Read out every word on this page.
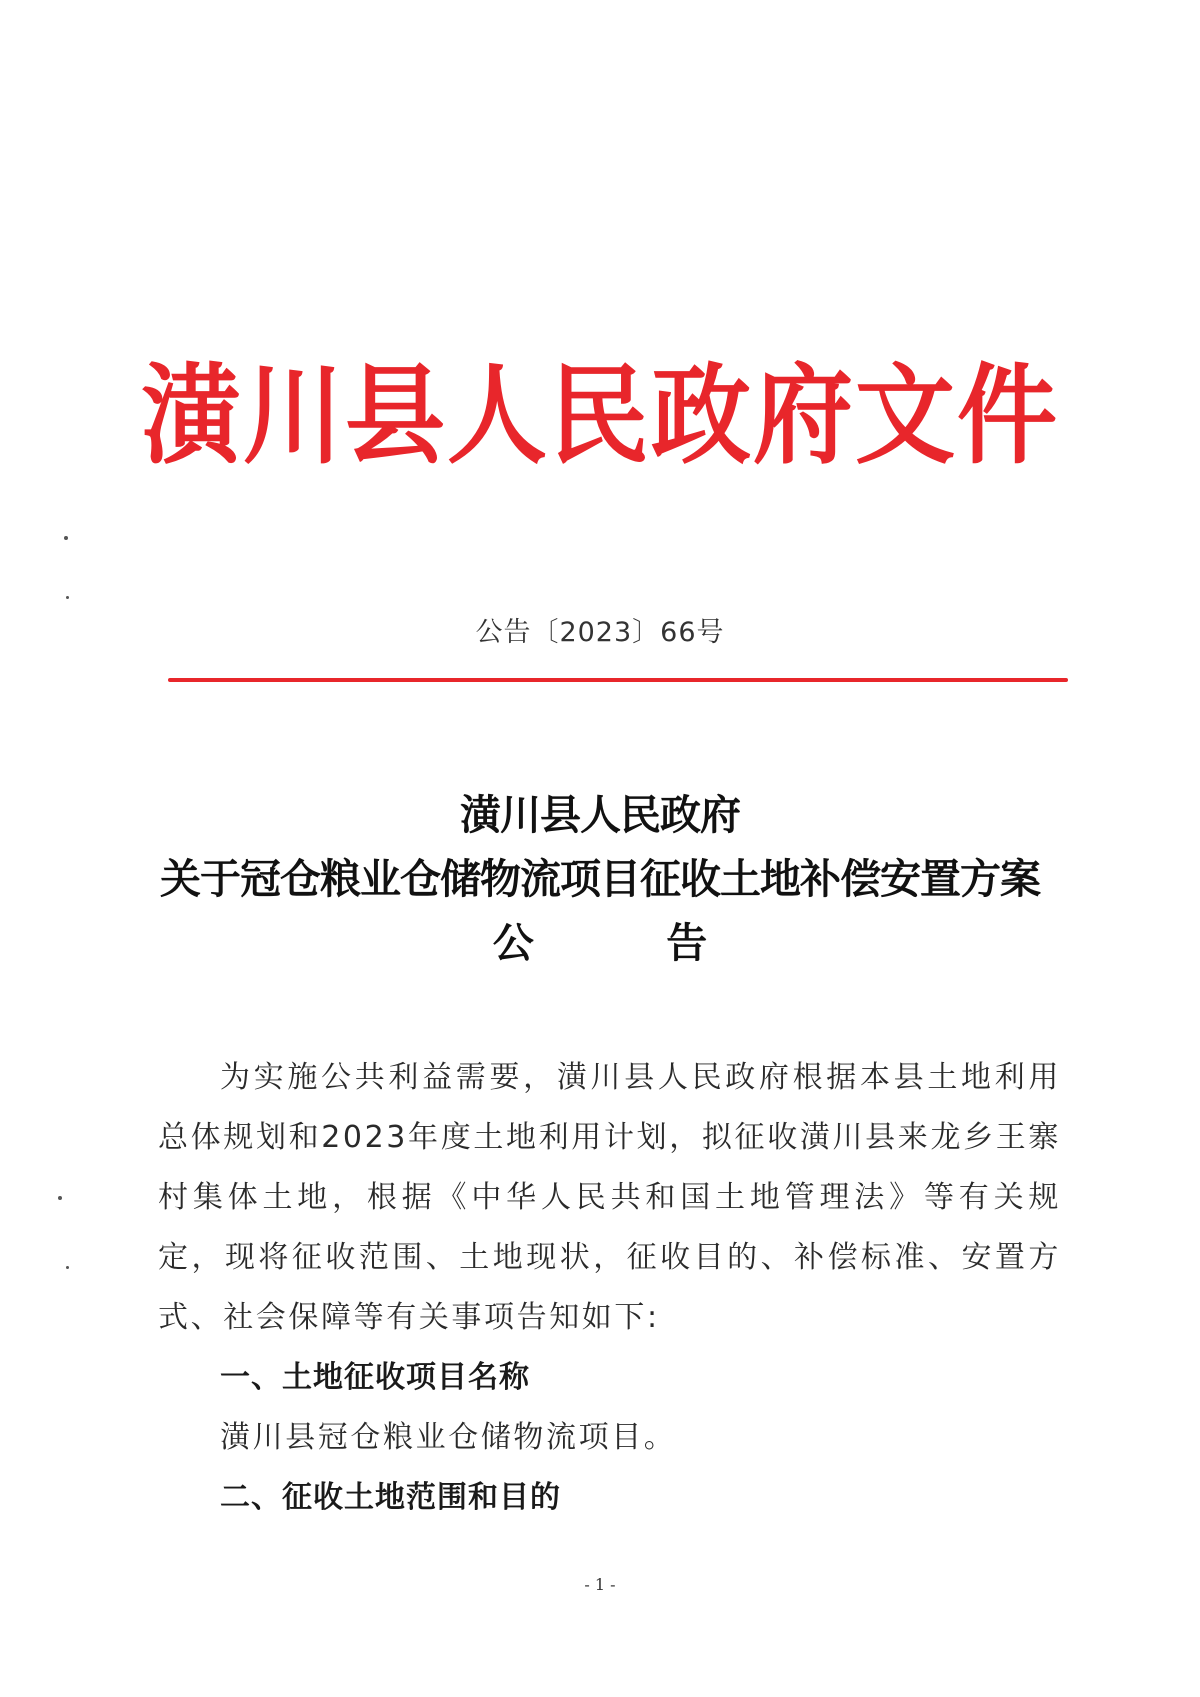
潢川县人民政府文件
公告〔2023〕66号
潢川县人民政府
关于冠仓粮业仓储物流项目征收土地补偿安置方案
公	告

为实施公共利益需要，潢川县人民政府根据本县土地利用总体规划和2023年度土地利用计划，拟征收潢川县来龙乡王寨村集体土地，根据《中华人民共和国土地管理法》等有关规定，现将征收范围、土地现状，征收目的、补偿标准、安置方式、社会保障等有关事项告知如下:

一、土地征收项目名称

潢川县冠仓粮业仓储物流项目。

二、征收土地范围和目的

- 1 -
